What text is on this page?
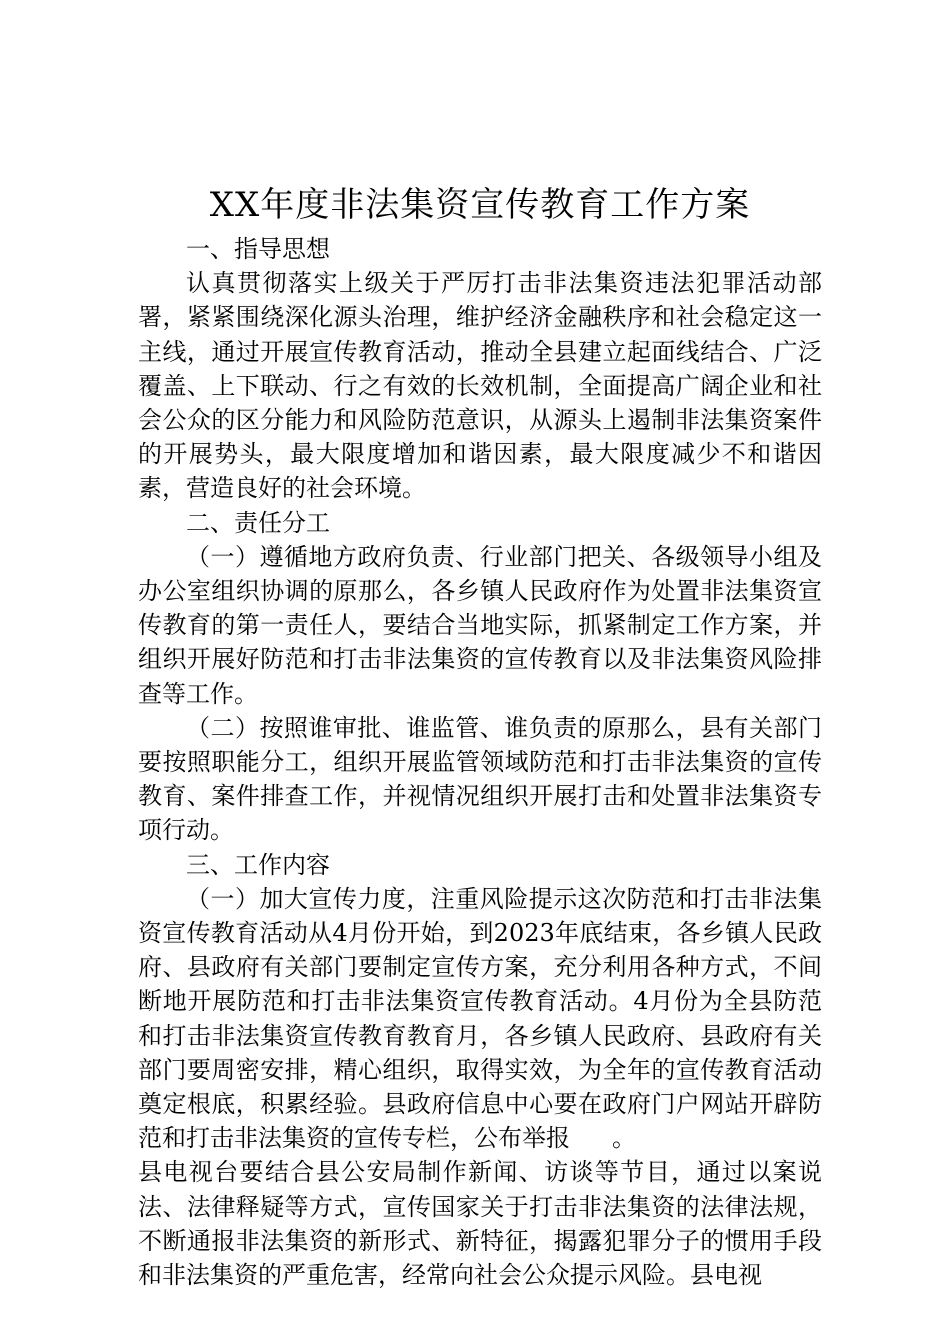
XX年度非法集资宣传教育工作方案

一、指导思想

认真贯彻落实上级关于严厉打击非法集资违法犯罪活动部署，紧紧围绕深化源头治理，维护经济金融秩序和社会稳定这一主线，通过开展宣传教育活动，推动全县建立起面线结合、广泛覆盖、上下联动、行之有效的长效机制，全面提高广阔企业和社会公众的区分能力和风险防范意识，从源头上遏制非法集资案件的开展势头，最大限度增加和谐因素，最大限度减少不和谐因素，营造良好的社会环境。

二、责任分工

（一）遵循地方政府负责、行业部门把关、各级领导小组及办公室组织协调的原那么，各乡镇人民政府作为处置非法集资宣传教育的第一责任人，要结合当地实际，抓紧制定工作方案，并组织开展好防范和打击非法集资的宣传教育以及非法集资风险排查等工作。

（二）按照谁审批、谁监管、谁负责的原那么，县有关部门要按照职能分工，组织开展监管领域防范和打击非法集资的宣传教育、案件排查工作，并视情况组织开展打击和处置非法集资专项行动。

三、工作内容

（一）加大宣传力度，注重风险提示这次防范和打击非法集资宣传教育活动从4月份开始，到2023年底结束，各乡镇人民政府、县政府有关部门要制定宣传方案，充分利用各种方式，不间断地开展防范和打击非法集资宣传教育活动。4月份为全县防范和打击非法集资宣传教育教育月，各乡镇人民政府、县政府有关部门要周密安排，精心组织，取得实效，为全年的宣传教育活动奠定根底，积累经验。县政府信息中心要在政府门户网站开辟防范和打击非法集资的宣传专栏，公布举报 。

县电视台要结合县公安局制作新闻、访谈等节目，通过以案说法、法律释疑等方式，宣传国家关于打击非法集资的法律法规，不断通报非法集资的新形式、新特征，揭露犯罪分子的惯用手段和非法集资的严重危害，经常向社会公众提示风险。县电视
